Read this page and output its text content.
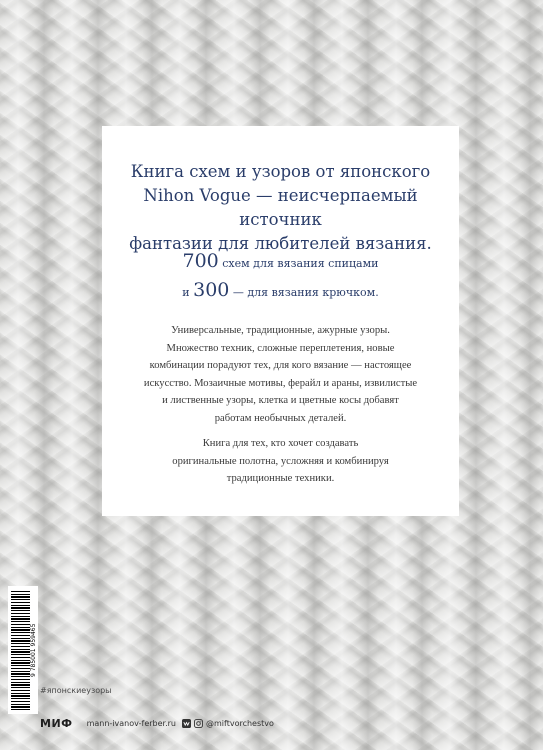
Книга схем и узоров от японского
Nihon Vogue — неисчерпаемый источник
фантазии для любителей вязания.
700 схем для вязания спицами
и 300 — для вязания крючком.
Универсальные, традиционные, ажурные узоры.
Множество техник, сложные переплетения, новые
комбинации порадуют тех, для кого вязание — настоящее
искусство. Мозаичные мотивы, ферайл и араны, извилистые
и лиственные узоры, клетка и цветные косы добавят
работам необычных деталей.
Книга для тех, кто хочет создавать
оригинальные полотна, усложняя и комбинируя
традиционные техники.
9 785001 959465
#японскиеузоры
МИФ mann-ivanov-ferber.ru	@miftvorchestvo
